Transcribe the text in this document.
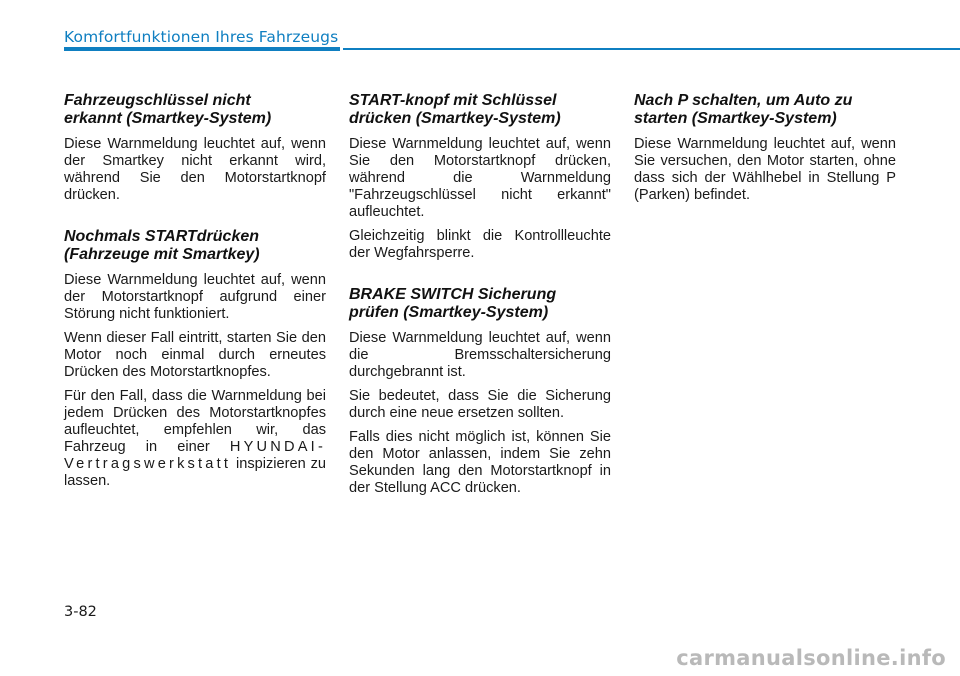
Komfortfunktionen Ihres Fahrzeugs
Fahrzeugschlüssel nicht
erkannt (Smartkey-System)

Diese Warnmeldung leuchtet auf, wenn der Smartkey nicht erkannt wird, während Sie den Motorstartknopf drücken.

Nochmals STARTdrücken
(Fahrzeuge mit Smartkey)

Diese Warnmeldung leuchtet auf, wenn der Motorstartknopf aufgrund einer Störung nicht funktioniert.

Wenn dieser Fall eintritt, starten Sie den Motor noch einmal durch erneutes Drücken des Motorstartknopfes.

Für den Fall, dass die Warnmeldung bei jedem Drücken des Motorstartknopfes aufleuchtet, empfehlen wir, das Fahrzeug in einer HYUNDAI-Vertragswerkstatt inspizieren zu lassen.

START-knopf mit Schlüssel
drücken (Smartkey-System)

Diese Warnmeldung leuchtet auf, wenn Sie den Motorstartknopf drücken, während die Warnmeldung "Fahrzeugschlüssel nicht erkannt" aufleuchtet.

Gleichzeitig blinkt die Kontrollleuchte der Wegfahrsperre.

BRAKE SWITCH Sicherung
prüfen (Smartkey-System)

Diese Warnmeldung leuchtet auf, wenn die Bremsschaltersicherung durchgebrannt ist.

Sie bedeutet, dass Sie die Sicherung durch eine neue ersetzen sollten.

Falls dies nicht möglich ist, können Sie den Motor anlassen, indem Sie zehn Sekunden lang den Motorstartknopf in der Stellung ACC drücken.

Nach P schalten, um Auto zu
starten (Smartkey-System)

Diese Warnmeldung leuchtet auf, wenn Sie versuchen, den Motor starten, ohne dass sich der Wählhebel in Stellung P (Parken) befindet.

3-82
carmanualsonline.info
